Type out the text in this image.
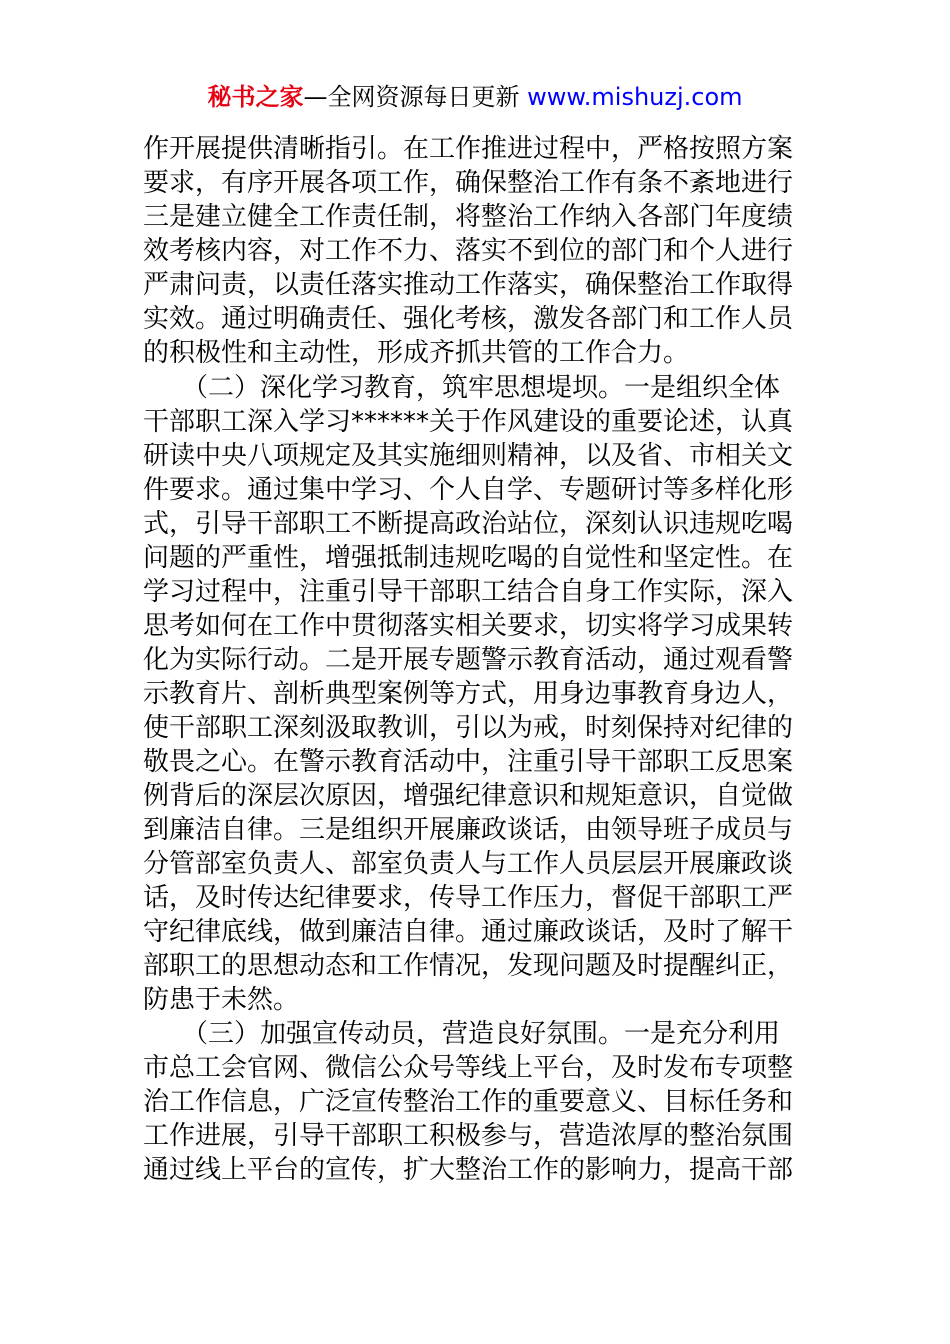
秘书之家—全网资源每日更新 www.mishuzj.com
作开展提供清晰指引。在工作推进过程中，严格按照方案
要求，有序开展各项工作，确保整治工作有条不紊地进行
三是建立健全工作责任制，将整治工作纳入各部门年度绩
效考核内容，对工作不力、落实不到位的部门和个人进行
严肃问责，以责任落实推动工作落实，确保整治工作取得
实效。通过明确责任、强化考核，激发各部门和工作人员
的积极性和主动性，形成齐抓共管的工作合力。
　　（二）深化学习教育，筑牢思想堤坝。一是组织全体
干部职工深入学习******关于作风建设的重要论述，认真
研读中央八项规定及其实施细则精神，以及省、市相关文
件要求。通过集中学习、个人自学、专题研讨等多样化形
式，引导干部职工不断提高政治站位，深刻认识违规吃喝
问题的严重性，增强抵制违规吃喝的自觉性和坚定性。在
学习过程中，注重引导干部职工结合自身工作实际，深入
思考如何在工作中贯彻落实相关要求，切实将学习成果转
化为实际行动。二是开展专题警示教育活动，通过观看警
示教育片、剖析典型案例等方式，用身边事教育身边人，
使干部职工深刻汲取教训，引以为戒，时刻保持对纪律的
敬畏之心。在警示教育活动中，注重引导干部职工反思案
例背后的深层次原因，增强纪律意识和规矩意识，自觉做
到廉洁自律。三是组织开展廉政谈话，由领导班子成员与
分管部室负责人、部室负责人与工作人员层层开展廉政谈
话，及时传达纪律要求，传导工作压力，督促干部职工严
守纪律底线，做到廉洁自律。通过廉政谈话，及时了解干
部职工的思想动态和工作情况，发现问题及时提醒纠正，
防患于未然。
　　（三）加强宣传动员，营造良好氛围。一是充分利用
市总工会官网、微信公众号等线上平台，及时发布专项整
治工作信息，广泛宣传整治工作的重要意义、目标任务和
工作进展，引导干部职工积极参与，营造浓厚的整治氛围
通过线上平台的宣传，扩大整治工作的影响力，提高干部
